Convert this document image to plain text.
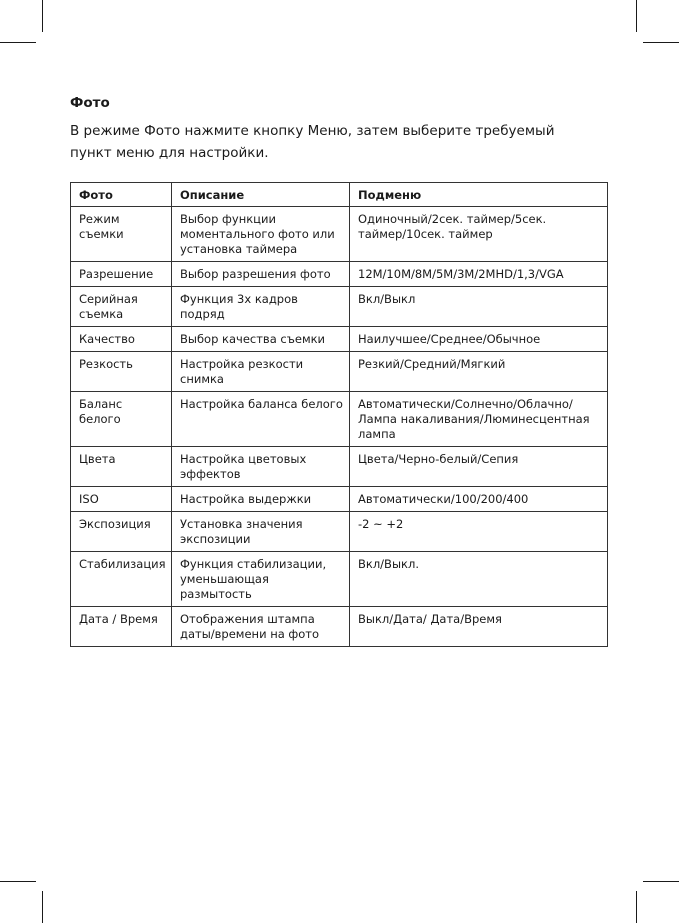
Фото
В режиме Фото нажмите кнопку Меню, затем выберите требуемый пункт меню для настройки.
Фото	Описание	Подменю
Режим съемки	Выбор функции моментального фото или установка таймера	Одиночный/2сек. таймер/5сек. таймер/10сек. таймер
Разрешение	Выбор разрешения фото	12M/10M/8M/5M/3M/2MHD/1,3/VGA
Серийная съемка	Функция 3х кадров подряд	Вкл/Выкл
Качество	Выбор качества съемки	Наилучшее/Среднее/Обычное
Резкость	Настройка резкости снимка	Резкий/Средний/Мягкий
Баланс белого	Настройка баланса белого	Автоматически/Солнечно/Облачно/ Лампа накаливания/Люминесцентная лампа
Цвета	Настройка цветовых эффектов	Цвета/Черно-белый/Сепия
ISO	Настройка выдержки	Автоматически/100/200/400
Экспозиция	Установка значения экспозиции	-2 ~ +2
Стабилизация	Функция стабилизации, уменьшающая размытость	Вкл/Выкл.
Дата / Время	Отображения штампа даты/времени на фото	Выкл/Дата/ Дата/Время
